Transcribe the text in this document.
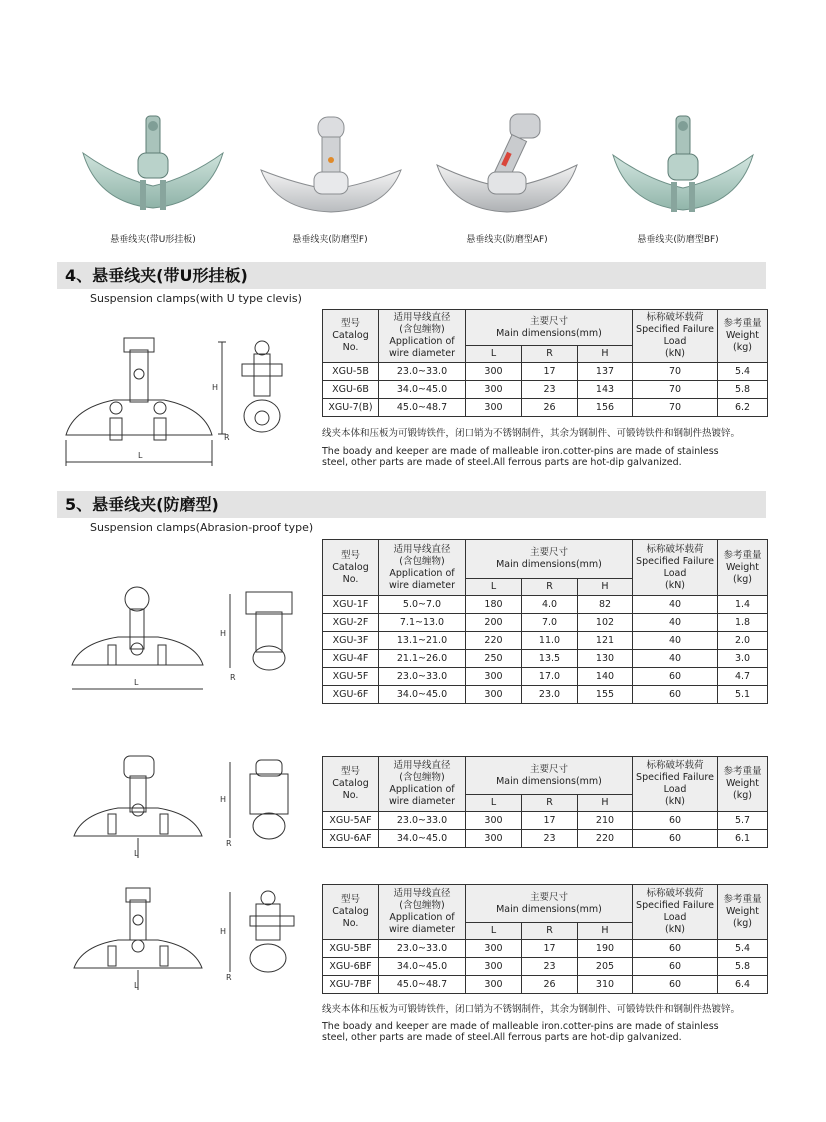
悬垂线夹(带U形挂板)	悬垂线夹(防磨型F)	悬垂线夹(防磨型AF)	悬垂线夹(防磨型BF)
4、悬垂线夹(带U形挂板)
Suspension clamps(with U type clevis)
L
H
R
型号
Catalog
No.	适用导线直径
(含包缠物)
Application of
wire diameter	主要尺寸
Main dimensions(mm)			标称破坏载荷
Specified Failure
Load
(kN)	参考重量
Weight
(kg)
		L	R	H		
XGU-5B	23.0~33.0	300	17	137	70	5.4
XGU-6B	34.0~45.0	300	23	143	70	5.8
XGU-7(B)	45.0~48.7	300	26	156	70	6.2
线夹本体和压板为可锻铸铁件，闭口销为不锈钢制件，其余为钢制件、可锻铸铁件和钢制件热镀锌。
The boady and keeper are made of malleable iron.cotter-pins are made of stainless
steel, other parts are made of steel.All ferrous parts are hot-dip galvanized.
5、悬垂线夹(防磨型)
Suspension clamps(Abrasion-proof type)
L
H
R
型号
Catalog
No.	适用导线直径
(含包缠物)
Application of
wire diameter	主要尺寸
Main dimensions(mm)			标称破坏载荷
Specified Failure
Load
(kN)	参考重量
Weight
(kg)
		L	R	H		
XGU-1F	5.0~7.0	180	4.0	82	40	1.4
XGU-2F	7.1~13.0	200	7.0	102	40	1.8
XGU-3F	13.1~21.0	220	11.0	121	40	2.0
XGU-4F	21.1~26.0	250	13.5	130	40	3.0
XGU-5F	23.0~33.0	300	17.0	140	60	4.7
XGU-6F	34.0~45.0	300	23.0	155	60	5.1
L
H
R
型号
Catalog
No.	适用导线直径
(含包缠物)
Application of
wire diameter	主要尺寸
Main dimensions(mm)			标称破坏载荷
Specified Failure
Load
(kN)	参考重量
Weight
(kg)
		L	R	H		
XGU-5AF	23.0~33.0	300	17	210	60	5.7
XGU-6AF	34.0~45.0	300	23	220	60	6.1
L
H
R
型号
Catalog
No.	适用导线直径
(含包缠物)
Application of
wire diameter	主要尺寸
Main dimensions(mm)			标称破坏载荷
Specified Failure
Load
(kN)	参考重量
Weight
(kg)
		L	R	H		
XGU-5BF	23.0~33.0	300	17	190	60	5.4
XGU-6BF	34.0~45.0	300	23	205	60	5.8
XGU-7BF	45.0~48.7	300	26	310	60	6.4
线夹本体和压板为可锻铸铁件，闭口销为不锈钢制件，其余为钢制件、可锻铸铁件和钢制件热镀锌。
The boady and keeper are made of malleable iron.cotter-pins are made of stainless
steel, other parts are made of steel.All ferrous parts are hot-dip galvanized.
